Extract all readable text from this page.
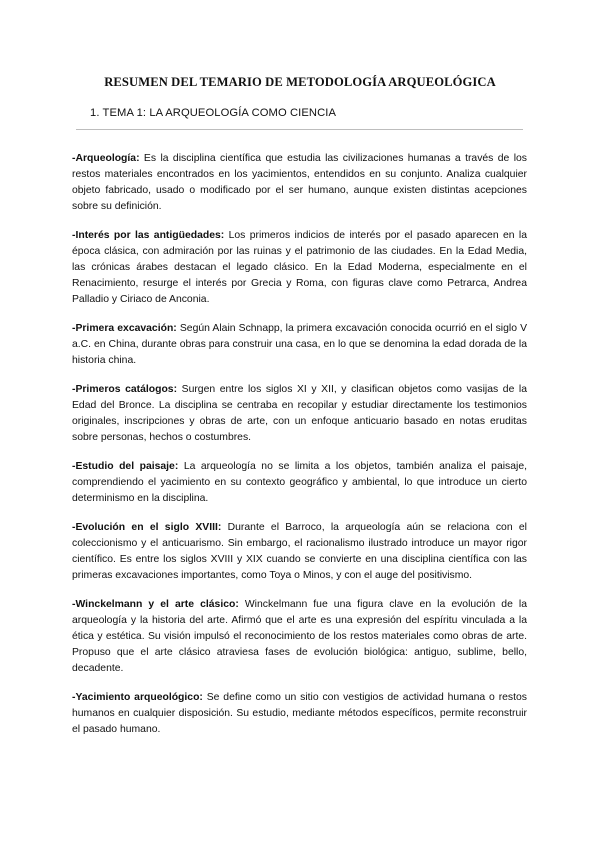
RESUMEN DEL TEMARIO DE METODOLOGÍA ARQUEOLÓGICA
1. TEMA 1: LA ARQUEOLOGÍA COMO CIENCIA

-Arqueología: Es la disciplina científica que estudia las civilizaciones humanas a través de los restos materiales encontrados en los yacimientos, entendidos en su conjunto. Analiza cualquier objeto fabricado, usado o modificado por el ser humano, aunque existen distintas acepciones sobre su definición.

-Interés por las antigüedades: Los primeros indicios de interés por el pasado aparecen en la época clásica, con admiración por las ruinas y el patrimonio de las ciudades. En la Edad Media, las crónicas árabes destacan el legado clásico. En la Edad Moderna, especialmente en el Renacimiento, resurge el interés por Grecia y Roma, con figuras clave como Petrarca, Andrea Palladio y Ciriaco de Anconia.

-Primera excavación: Según Alain Schnapp, la primera excavación conocida ocurrió en el siglo V a.C. en China, durante obras para construir una casa, en lo que se denomina la edad dorada de la historia china.

-Primeros catálogos: Surgen entre los siglos XI y XII, y clasifican objetos como vasijas de la Edad del Bronce. La disciplina se centraba en recopilar y estudiar directamente los testimonios originales, inscripciones y obras de arte, con un enfoque anticuario basado en notas eruditas sobre personas, hechos o costumbres.

-Estudio del paisaje: La arqueología no se limita a los objetos, también analiza el paisaje, comprendiendo el yacimiento en su contexto geográfico y ambiental, lo que introduce un cierto determinismo en la disciplina.

-Evolución en el siglo XVIII: Durante el Barroco, la arqueología aún se relaciona con el coleccionismo y el anticuarismo. Sin embargo, el racionalismo ilustrado introduce un mayor rigor científico. Es entre los siglos XVIII y XIX cuando se convierte en una disciplina científica con las primeras excavaciones importantes, como Toya o Minos, y con el auge del positivismo.

-Winckelmann y el arte clásico: Winckelmann fue una figura clave en la evolución de la arqueología y la historia del arte. Afirmó que el arte es una expresión del espíritu vinculada a la ética y estética. Su visión impulsó el reconocimiento de los restos materiales como obras de arte. Propuso que el arte clásico atraviesa fases de evolución biológica: antiguo, sublime, bello, decadente.

-Yacimiento arqueológico: Se define como un sitio con vestigios de actividad humana o restos humanos en cualquier disposición. Su estudio, mediante métodos específicos, permite reconstruir el pasado humano.
